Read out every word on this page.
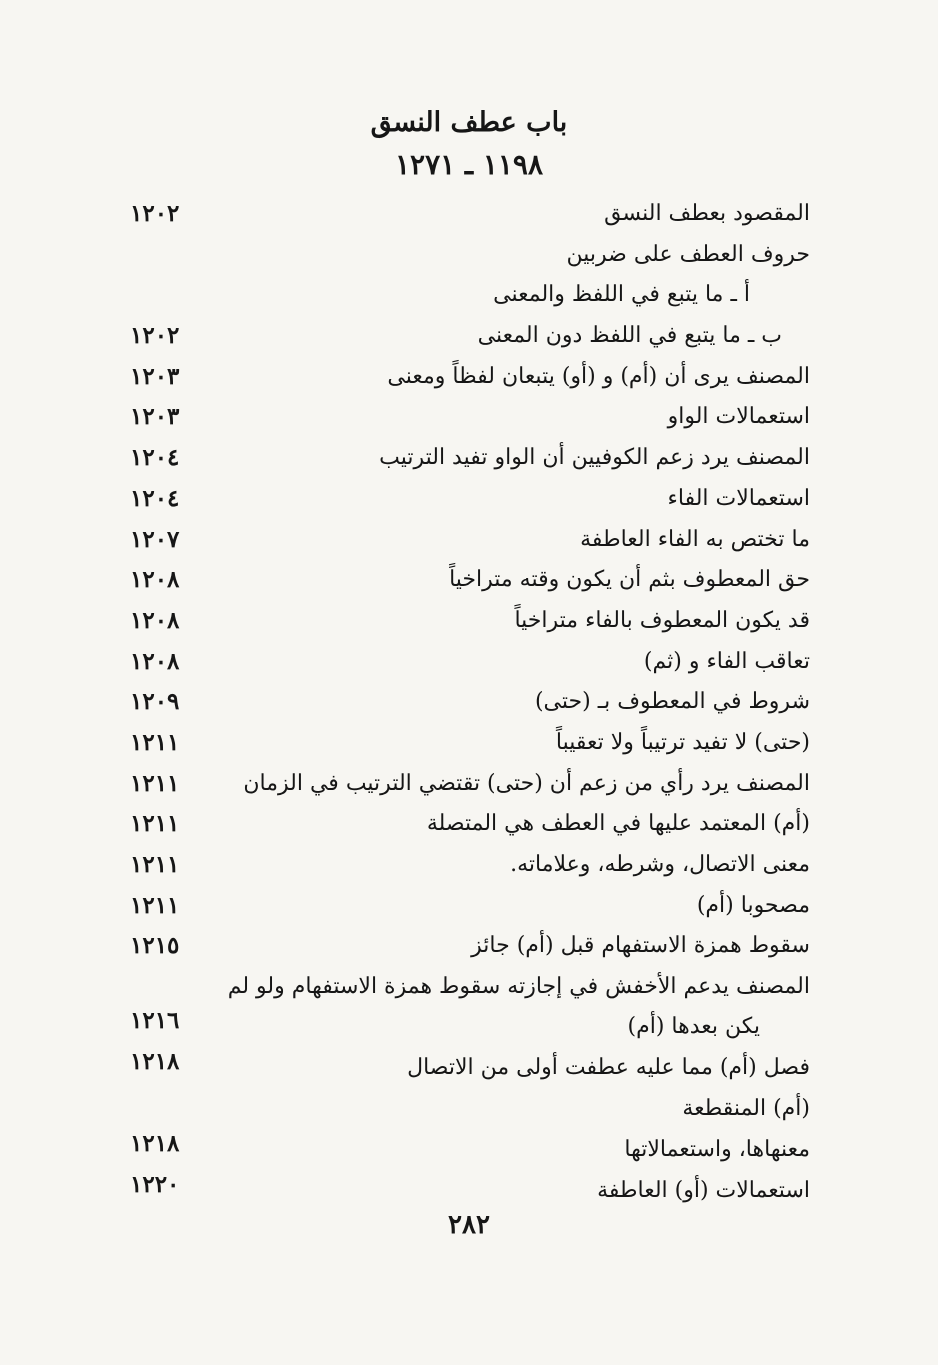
باب عطف النسق
١١٩٨ ـ ١٢٧١
المقصود بعطف النسق
١٢٠٢
حروف العطف على ضربين
أ ـ ما يتبع في اللفظ والمعنى
ب ـ ما يتبع في اللفظ دون المعنى
١٢٠٢
المصنف يرى أن (أم) و (أو) يتبعان لفظاً ومعنى
١٢٠٣
استعمالات الواو
١٢٠٣
المصنف يرد زعم الكوفيين أن الواو تفيد الترتيب
١٢٠٤
استعمالات الفاء
١٢٠٤
ما تختص به الفاء العاطفة
١٢٠٧
حق المعطوف بثم أن يكون وقته متراخياً
١٢٠٨
قد يكون المعطوف بالفاء متراخياً
١٢٠٨
تعاقب الفاء و (ثم)
١٢٠٨
شروط في المعطوف بـ (حتى)
١٢٠٩
(حتى) لا تفيد ترتيباً ولا تعقيباً
١٢١١
المصنف يرد رأي من زعم أن (حتى) تقتضي الترتيب في الزمان
١٢١١
(أم) المعتمد عليها في العطف هي المتصلة
١٢١١
معنى الاتصال، وشرطه، وعلاماته.
١٢١١
مصحوبا (أم)
١٢١١
سقوط همزة الاستفهام قبل (أم) جائز
١٢١٥
المصنف يدعم الأخفش في إجازته سقوط همزة الاستفهام ولو لم
يكن بعدها (أم)
١٢١٦
فصل (أم) مما عليه عطفت أولى من الاتصال
١٢١٨
(أم) المنقطعة
معنهاها، واستعمالاتها
١٢١٨
استعمالات (أو) العاطفة
١٢٢٠
٢٨٢
